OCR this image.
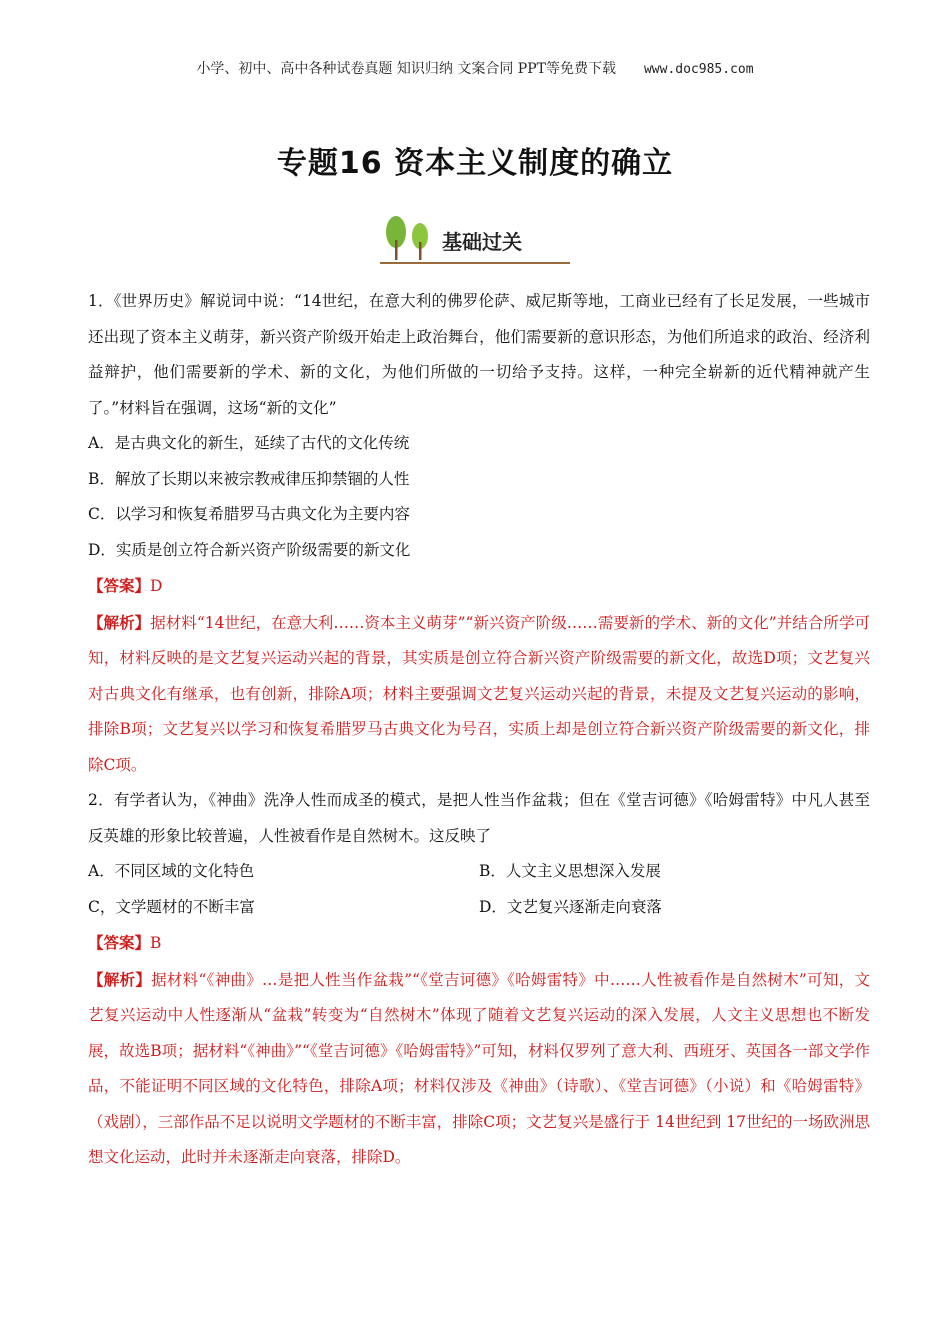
小学、初中、高中各种试卷真题 知识归纳 文案合同 PPT等免费下载 www.doc985.com
专题16 资本主义制度的确立
基础过关

1．《世界历史》解说词中说：“14世纪，在意大利的佛罗伦萨、威尼斯等地，工商业已经有了长足发展，一些城市还出现了资本主义萌芽，新兴资产阶级开始走上政治舞台，他们需要新的意识形态，为他们所追求的政治、经济利益辩护，他们需要新的学术、新的文化，为他们所做的一切给予支持。这样，一种完全崭新的近代精神就产生了。”材料旨在强调，这场“新的文化”

A．是古典文化的新生，延续了古代的文化传统

B．解放了长期以来被宗教戒律压抑禁锢的人性

C．以学习和恢复希腊罗马古典文化为主要内容

D．实质是创立符合新兴资产阶级需要的新文化

【答案】D

【解析】据材料“14世纪，在意大利……资本主义萌芽”“新兴资产阶级……需要新的学术、新的文化”并结合所学可知，材料反映的是文艺复兴运动兴起的背景，其实质是创立符合新兴资产阶级需要的新文化，故选D项；文艺复兴对古典文化有继承，也有创新，排除A项；材料主要强调文艺复兴运动兴起的背景，未提及文艺复兴运动的影响，排除B项；文艺复兴以学习和恢复希腊罗马古典文化为号召，实质上却是创立符合新兴资产阶级需要的新文化，排除C项。

2．有学者认为，《神曲》洗净人性而成圣的模式，是把人性当作盆栽；但在《堂吉诃德》《哈姆雷特》中凡人甚至反英雄的形象比较普遍，人性被看作是自然树木。这反映了

A．不同区域的文化特色	B．人文主义思想深入发展
C，文学题材的不断丰富	D．文艺复兴逐渐走向衰落

【答案】B

【解析】据材料“《神曲》…是把人性当作盆栽”“《堂吉诃德》《哈姆雷特》中……人性被看作是自然树木”可知，文艺复兴运动中人性逐渐从“盆栽”转变为“自然树木”体现了随着文艺复兴运动的深入发展，人文主义思想也不断发展，故选B项；据材料“《神曲》”“《堂吉诃德》《哈姆雷特》”可知，材料仅罗列了意大利、西班牙、英国各一部文学作品，不能证明不同区域的文化特色，排除A项；材料仅涉及《神曲》（诗歌）、《堂吉诃德》（小说）和《哈姆雷特》（戏剧），三部作品不足以说明文学题材的不断丰富，排除C项；文艺复兴是盛行于 14世纪到 17世纪的一场欧洲思想文化运动，此时并未逐渐走向衰落，排除D。
